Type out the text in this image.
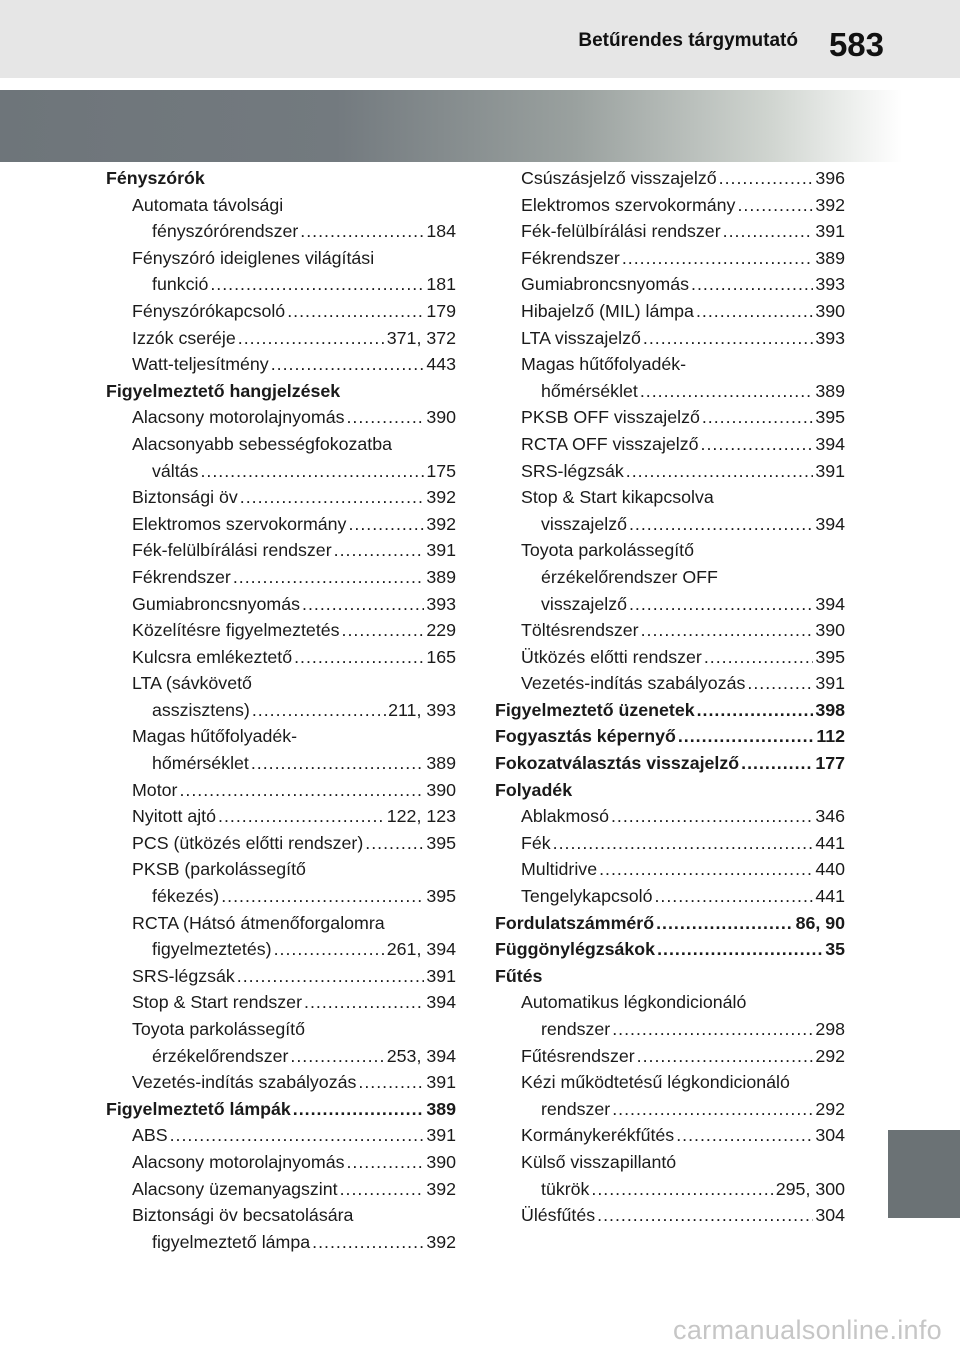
Betűrendes tárgymutató 583
Fényszórók
Automata távolsági
fényszórórendszer .....	184
Fényszóró ideiglenes világítási
funkció .....	181
Fényszórókapcsoló .....	179
Izzók cseréje .....	371, 372
Watt-teljesítmény .....	443
Figyelmeztető hangjelzések
Alacsony motorolajnyomás .....	390
Alacsonyabb sebességfokozatba
váltás .....	175
Biztonsági öv .....	392
Elektromos szervokormány .....	392
Fék-felülbírálási rendszer .....	391
Fékrendszer .....	389
Gumiabroncsnyomás .....	393
Közelítésre figyelmeztetés .....	229
Kulcsra emlékeztető .....	165
LTA (sávkövető
asszisztens) .....	211, 393
Magas hűtőfolyadék-
hőmérséklet .....	389
Motor .....	390
Nyitott ajtó .....	122, 123
PCS (ütközés előtti rendszer) .....	395
PKSB (parkolássegítő
fékezés) .....	395
RCTA (Hátsó átmenőforgalomra
figyelmeztetés) .....	261, 394
SRS-légzsák .....	391
Stop & Start rendszer .....	394
Toyota parkolássegítő
érzékelőrendszer .....	253, 394
Vezetés-indítás szabályozás .....	391
Figyelmeztető lámpák .....	389
ABS .....	391
Alacsony motorolajnyomás .....	390
Alacsony üzemanyagszint .....	392
Biztonsági öv becsatolására
figyelmeztető lámpa .....	392
Csúszásjelző visszajelző .....	396
Elektromos szervokormány .....	392
Fék-felülbírálási rendszer .....	391
Fékrendszer .....	389
Gumiabroncsnyomás .....	393
Hibajelző (MIL) lámpa .....	390
LTA visszajelző .....	393
Magas hűtőfolyadék-
hőmérséklet .....	389
PKSB OFF visszajelző .....	395
RCTA OFF visszajelző .....	394
SRS-légzsák .....	391
Stop & Start kikapcsolva
visszajelző .....	394
Toyota parkolássegítő
érzékelőrendszer OFF
visszajelző .....	394
Töltésrendszer .....	390
Ütközés előtti rendszer .....	395
Vezetés-indítás szabályozás .....	391
Figyelmeztető üzenetek .....	398
Fogyasztás képernyő .....	112
Fokozatválasztás visszajelző .....	177
Folyadék
Ablakmosó .....	346
Fék .....	441
Multidrive .....	440
Tengelykapcsoló .....	441
Fordulatszámmérő .....	86, 90
Függönylégzsákok .....	35
Fűtés
Automatikus légkondicionáló
rendszer .....	298
Fűtésrendszer .....	292
Kézi működtetésű légkondicionáló
rendszer .....	292
Kormánykerékfűtés .....	304
Külső visszapillantó
tükrök .....	295, 300
Ülésfűtés .....	304
carmanualsonline.info
